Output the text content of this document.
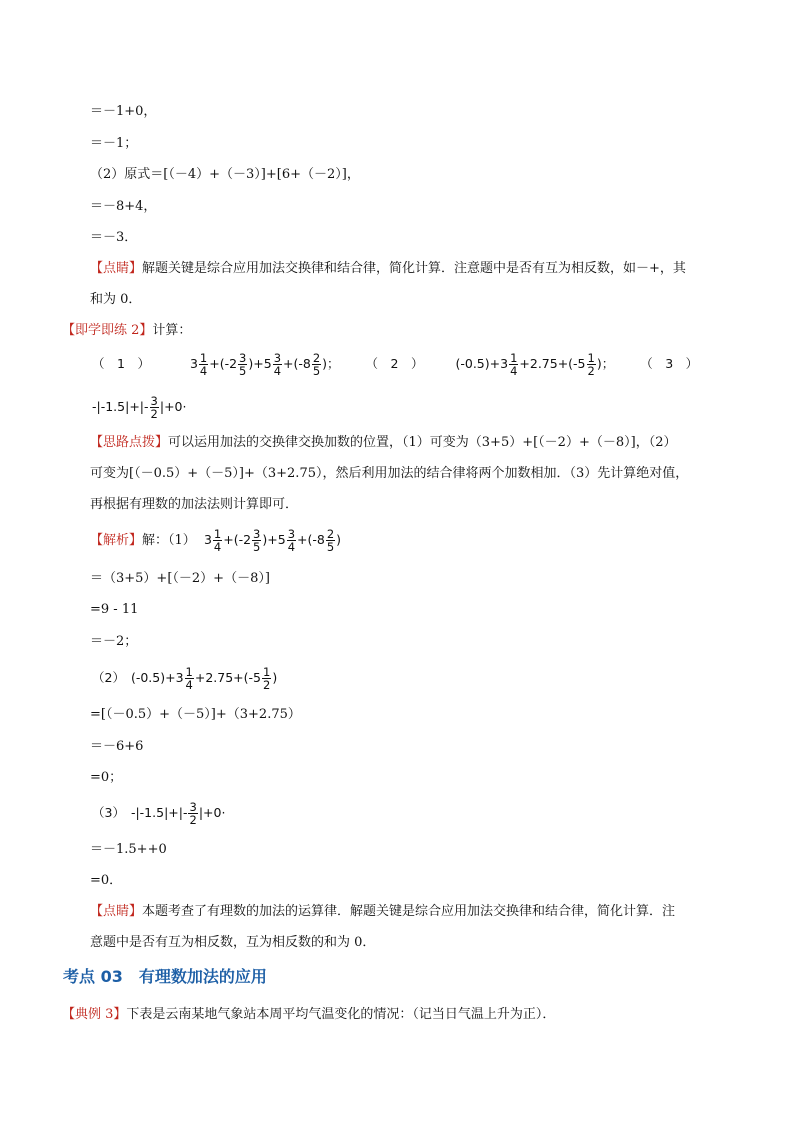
＝－1+0，
＝－1；
（2）原式＝[（－4）+（－3）]+[6+（－2）]，
＝－8+4，
＝－3．
【点睛】解题关键是综合应用加法交换律和结合律，简化计算．注意题中是否有互为相反数，如－+，其
和为 0．
【即学即练 2】计算：
（　1　）	$3 \frac{1}{4} +(-2 \frac{3}{5} )+5 \frac{3}{4} +(-8 \frac{2}{5}$ )； （　2　）	$(-0.5)+3 \frac{1}{4} +2.75+(-5 \frac{1}{2}$ )； （　3　）
$-|-1.5|+|- \frac{3}{2} |+0\cdot$
【思路点拨】可以运用加法的交换律交换加数的位置，（1）可变为（3+5）+[（－2）+（－8）]，（2）
可变为[（－0.5）+（－5）]+（3+2.75），然后利用加法的结合律将两个加数相加．（3）先计算绝对值，
再根据有理数的加法法则计算即可．
【解析】解：（1） $3 \frac{1}{4} +(-2 \frac{3}{5} )+5 \frac{3}{4} +(-8 \frac{2}{5}$ )
＝（3+5）+[（－2）+（－8）]
=9 - 11
＝－2；
（2） $(-0.5)+3 \frac{1}{4} +2.75+(-5 \frac{1}{2}$ )
=[（－0.5）+（－5）]+（3+2.75）
＝－6+6
=0；
（3） $-|-1.5|+|- \frac{3}{2} |+0\cdot$
＝－1.5++0
=0．
【点睛】本题考查了有理数的加法的运算律．解题关键是综合应用加法交换律和结合律，简化计算．注
意题中是否有互为相反数，互为相反数的和为 0．
考点 03　有理数加法的应用
【典例 3】下表是云南某地气象站本周平均气温变化的情况：（记当日气温上升为正）．
